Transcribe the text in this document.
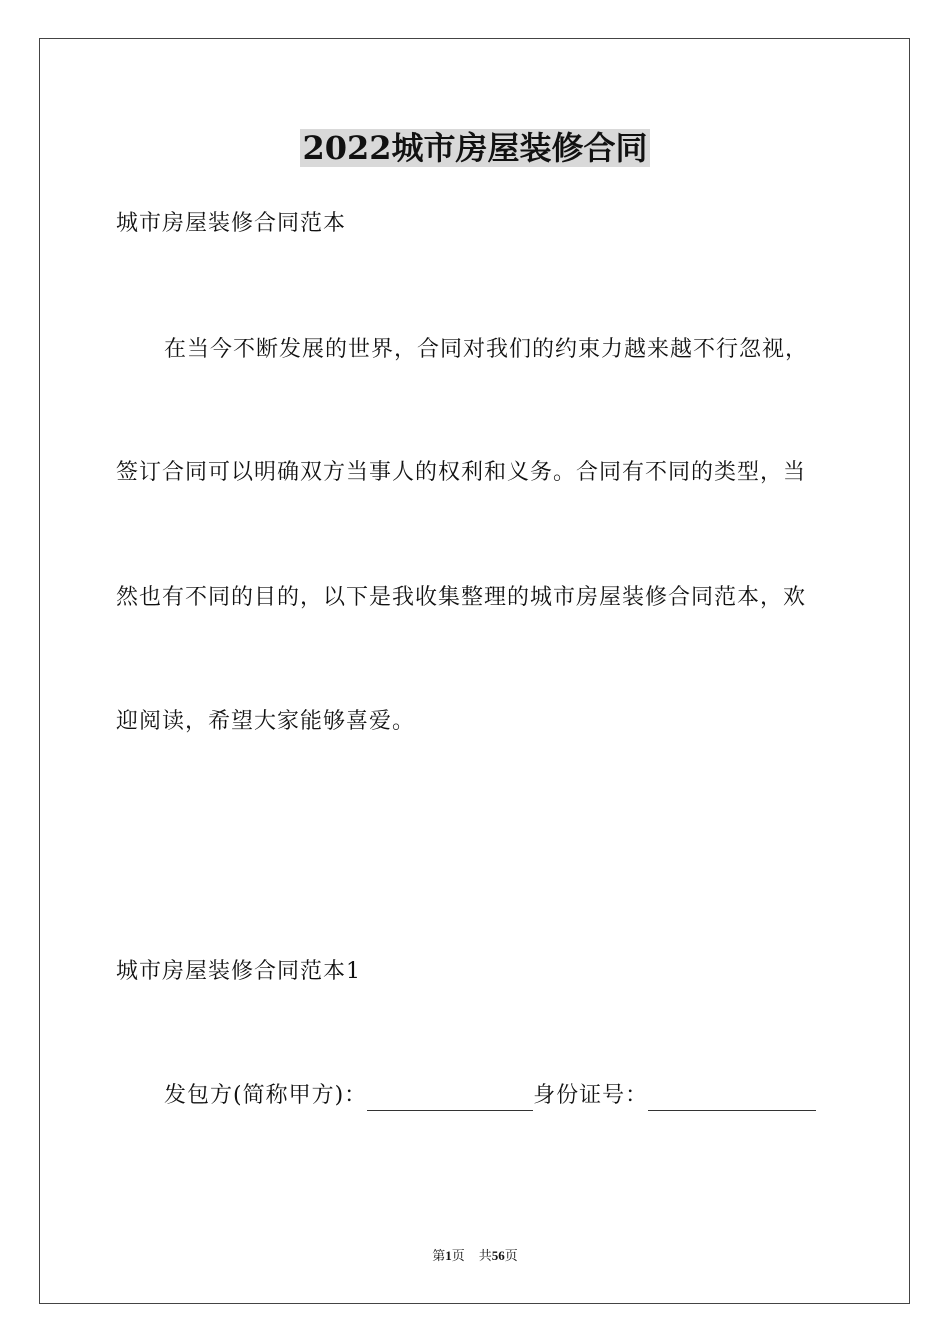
2022城市房屋装修合同
城市房屋装修合同范本
在当今不断发展的世界，合同对我们的约束力越来越不行忽视，
签订合同可以明确双方当事人的权利和义务。合同有不同的类型，当
然也有不同的目的，以下是我收集整理的城市房屋装修合同范本，欢
迎阅读，希望大家能够喜爱。
城市房屋装修合同范本1
发包方(简称甲方)：	身份证号：
第1页 共56页
